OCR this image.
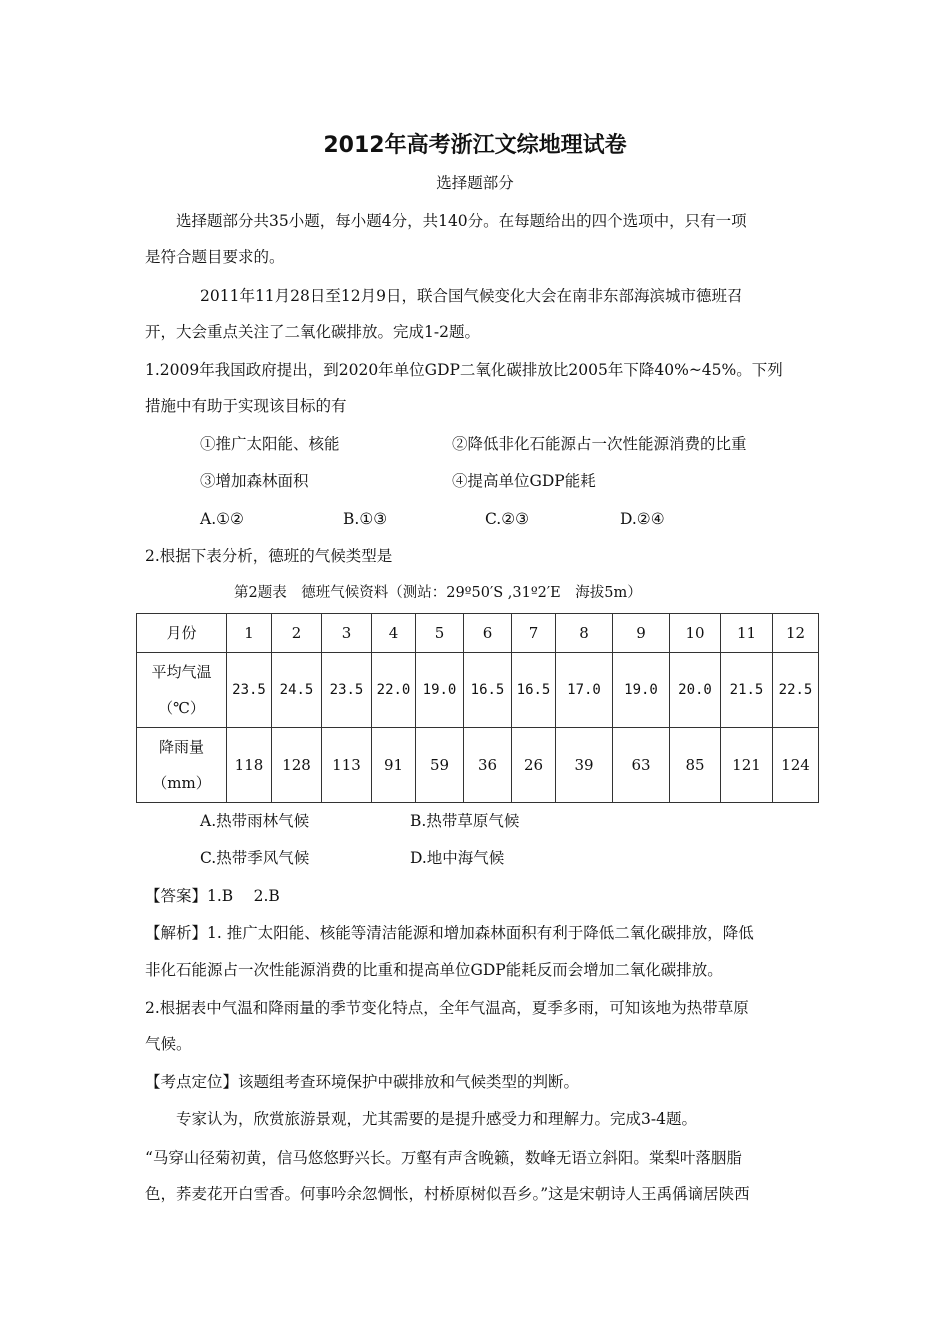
2012年高考浙江文综地理试卷
选择题部分
选择题部分共35小题，每小题4分，共140分。在每题给出的四个选项中，只有一项
是符合题目要求的。
2011年11月28日至12月9日，联合国气候变化大会在南非东部海滨城市德班召
开，大会重点关注了二氧化碳排放。完成1-2题。
1.2009年我国政府提出，到2020年单位GDP二氧化碳排放比2005年下降40%~45%。下列
措施中有助于实现该目标的有
①推广太阳能、核能	②降低非化石能源占一次性能源消费的比重
③增加森林面积	④提高单位GDP能耗
A.①②	B.①③	C.②③	D.②④
2.根据下表分析，德班的气候类型是
第2题表　德班气候资料（测站：29º50′S ,31º2′E　海拔5m）
月份	1	2	3	4	5	6	7	8	9	10	11	12

平均气温
（℃）	23.5	24.5	23.5	22.0	19.0	16.5	16.5	17.0	19.0	20.0	21.5	22.5

降雨量
（mm）	118	128	113	91	59	36	26	39	63	85	121	124
A.热带雨林气候	B.热带草原气候
C.热带季风气候	D.地中海气候
【答案】1.B　 2.B
【解析】1. 推广太阳能、核能等清洁能源和增加森林面积有利于降低二氧化碳排放，降低
非化石能源占一次性能源消费的比重和提高单位GDP能耗反而会增加二氧化碳排放。
2.根据表中气温和降雨量的季节变化特点，全年气温高，夏季多雨，可知该地为热带草原
气候。
【考点定位】该题组考查环境保护中碳排放和气候类型的判断。
专家认为，欣赏旅游景观，尤其需要的是提升感受力和理解力。完成3-4题。
“马穿山径菊初黄，信马悠悠野兴长。万壑有声含晚籁，数峰无语立斜阳。棠梨叶落胭脂
色，荞麦花开白雪香。何事吟余忽惆怅，村桥原树似吾乡。”这是宋朝诗人王禹偁谪居陕西
